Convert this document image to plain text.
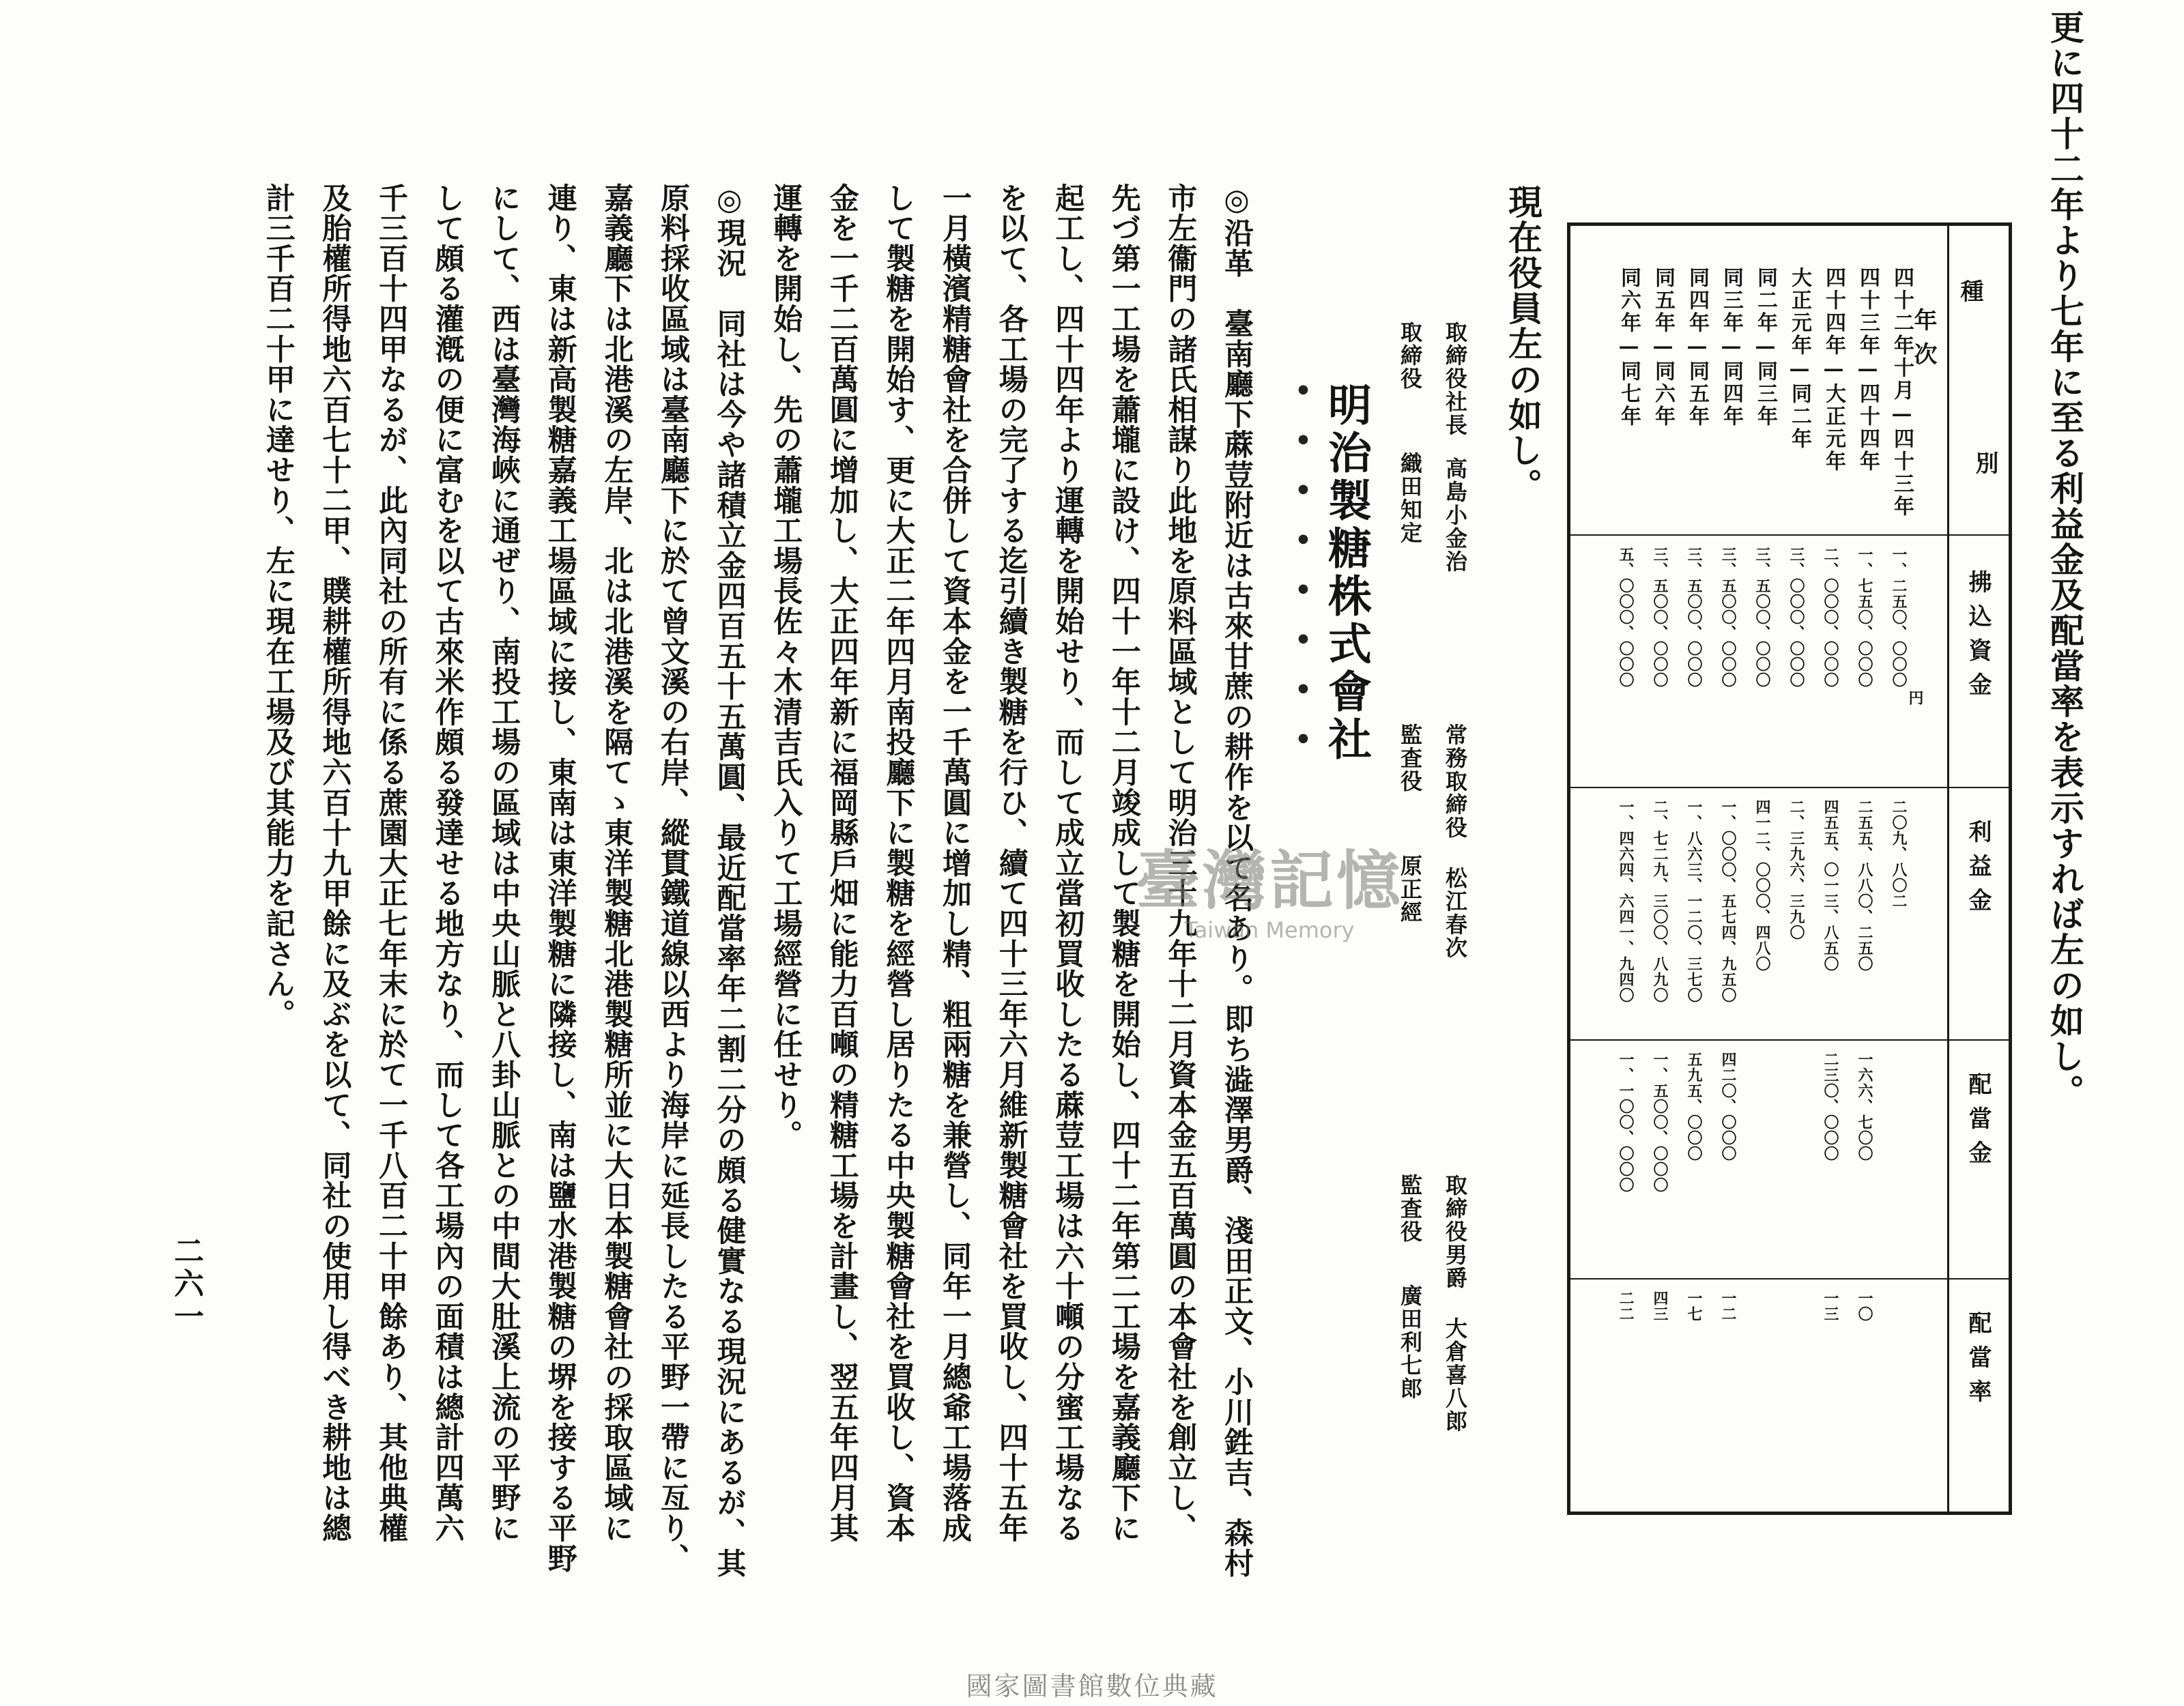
更に四十二年より七年に至る利益金及配當率を表示すれば左の如し。
種
年次
別
拂込資金
利益金
配當金
配當率
四十二年十月—四十三年
一、二五〇、〇〇〇
二〇九、八〇二
四十三年—四十四年
一、七五〇、〇〇〇
二五五、八八〇、二五〇
一六六、七〇〇
一〇
四十四年—大正元年
二、〇〇〇、〇〇〇
四五五、〇一三、八五〇
二三〇、〇〇〇
一三
大正元年—同二年
三、〇〇〇、〇〇〇
二、三九六、三九〇
同二年—同三年
三、五〇〇、〇〇〇
四一二、〇〇〇、四八〇
同三年—同四年
三、五〇〇、〇〇〇
一、〇〇〇、五七四、九五〇
四二〇、〇〇〇
一二
同四年—同五年
三、五〇〇、〇〇〇
一、八六三、一二〇、三七〇
五九五、〇〇〇
一七
同五年—同六年
三、五〇〇、〇〇〇
二、七二九、三〇〇、八九〇
一、五〇〇、〇〇〇
四三
同六年—同七年
五、〇〇〇、〇〇〇
一、四六四、六四一、九四〇
一、一〇〇、〇〇〇
二二
円
現在役員左の如し。
取締役社長高島小金治
取締役織田知定
明治製糖株式會社
●●●●●●●●
常務取締役松江春次
監査役原正經
取締役男爵大倉喜八郎
監査役廣田利七郎
◎沿革　臺南廳下蔴荳附近は古來甘蔗の耕作を以て名あり。即ち澁澤男爵、淺田正文、小川鉎吉、森村
市左衞門の諸氏相謀り此地を原料區域として明治三十九年十二月資本金五百萬圓の本會社を創立し、
先づ第一工場を蕭壠に設け、四十一年十二月竣成して製糖を開始し、四十二年第二工場を嘉義廳下に
起工し、四十四年より運轉を開始せり、而して成立當初買收したる蔴荳工場は六十噸の分蜜工場なる
を以て、各工場の完了する迄引續き製糖を行ひ、續て四十三年六月維新製糖會社を買收し、四十五年
一月橫濱精糖會社を合併して資本金を一千萬圓に增加し精、粗兩糖を兼營し、同年一月總爺工場落成
して製糖を開始す、更に大正二年四月南投廳下に製糖を經營し居りたる中央製糖會社を買收し、資本
金を一千二百萬圓に增加し、大正四年新に福岡縣戶畑に能力百噸の精糖工場を計畫し、翌五年四月其
運轉を開始し、先の蕭壠工場長佐々木清吉氏入りて工場經營に任せり。
◎現況　同社は今や諸積立金四百五十五萬圓、最近配當率年二割二分の頗る健實なる現況にあるが、其
原料採收區域は臺南廳下に於て曾文溪の右岸、縱貫鐵道線以西より海岸に延長したる平野一帶に亙り、
嘉義廳下は北港溪の左岸、北は北港溪を隔てゝ東洋製糖北港製糖所並に大日本製糖會社の採取區域に
連り、東は新高製糖嘉義工場區域に接し、東南は東洋製糖に隣接し、南は鹽水港製糖の堺を接する平野
にして、西は臺灣海峽に通ぜり、南投工場の區域は中央山脈と八卦山脈との中間大肚溪上流の平野に
して頗る灌漑の便に富むを以て古來米作頗る發達せる地方なり、而して各工場內の面積は總計四萬六
千三百十四甲なるが、此內同社の所有に係る蔗園大正七年末に於て一千八百二十甲餘あり、其他典權
及胎權所得地六百七十二甲、贌耕權所得地六百十九甲餘に及ぶを以て、同社の使用し得べき耕地は總
計三千百二十甲に達せり、左に現在工場及び其能力を記さん。	臺灣記憶
Taiwan Memory
二六一
國家圖書館數位典藏
